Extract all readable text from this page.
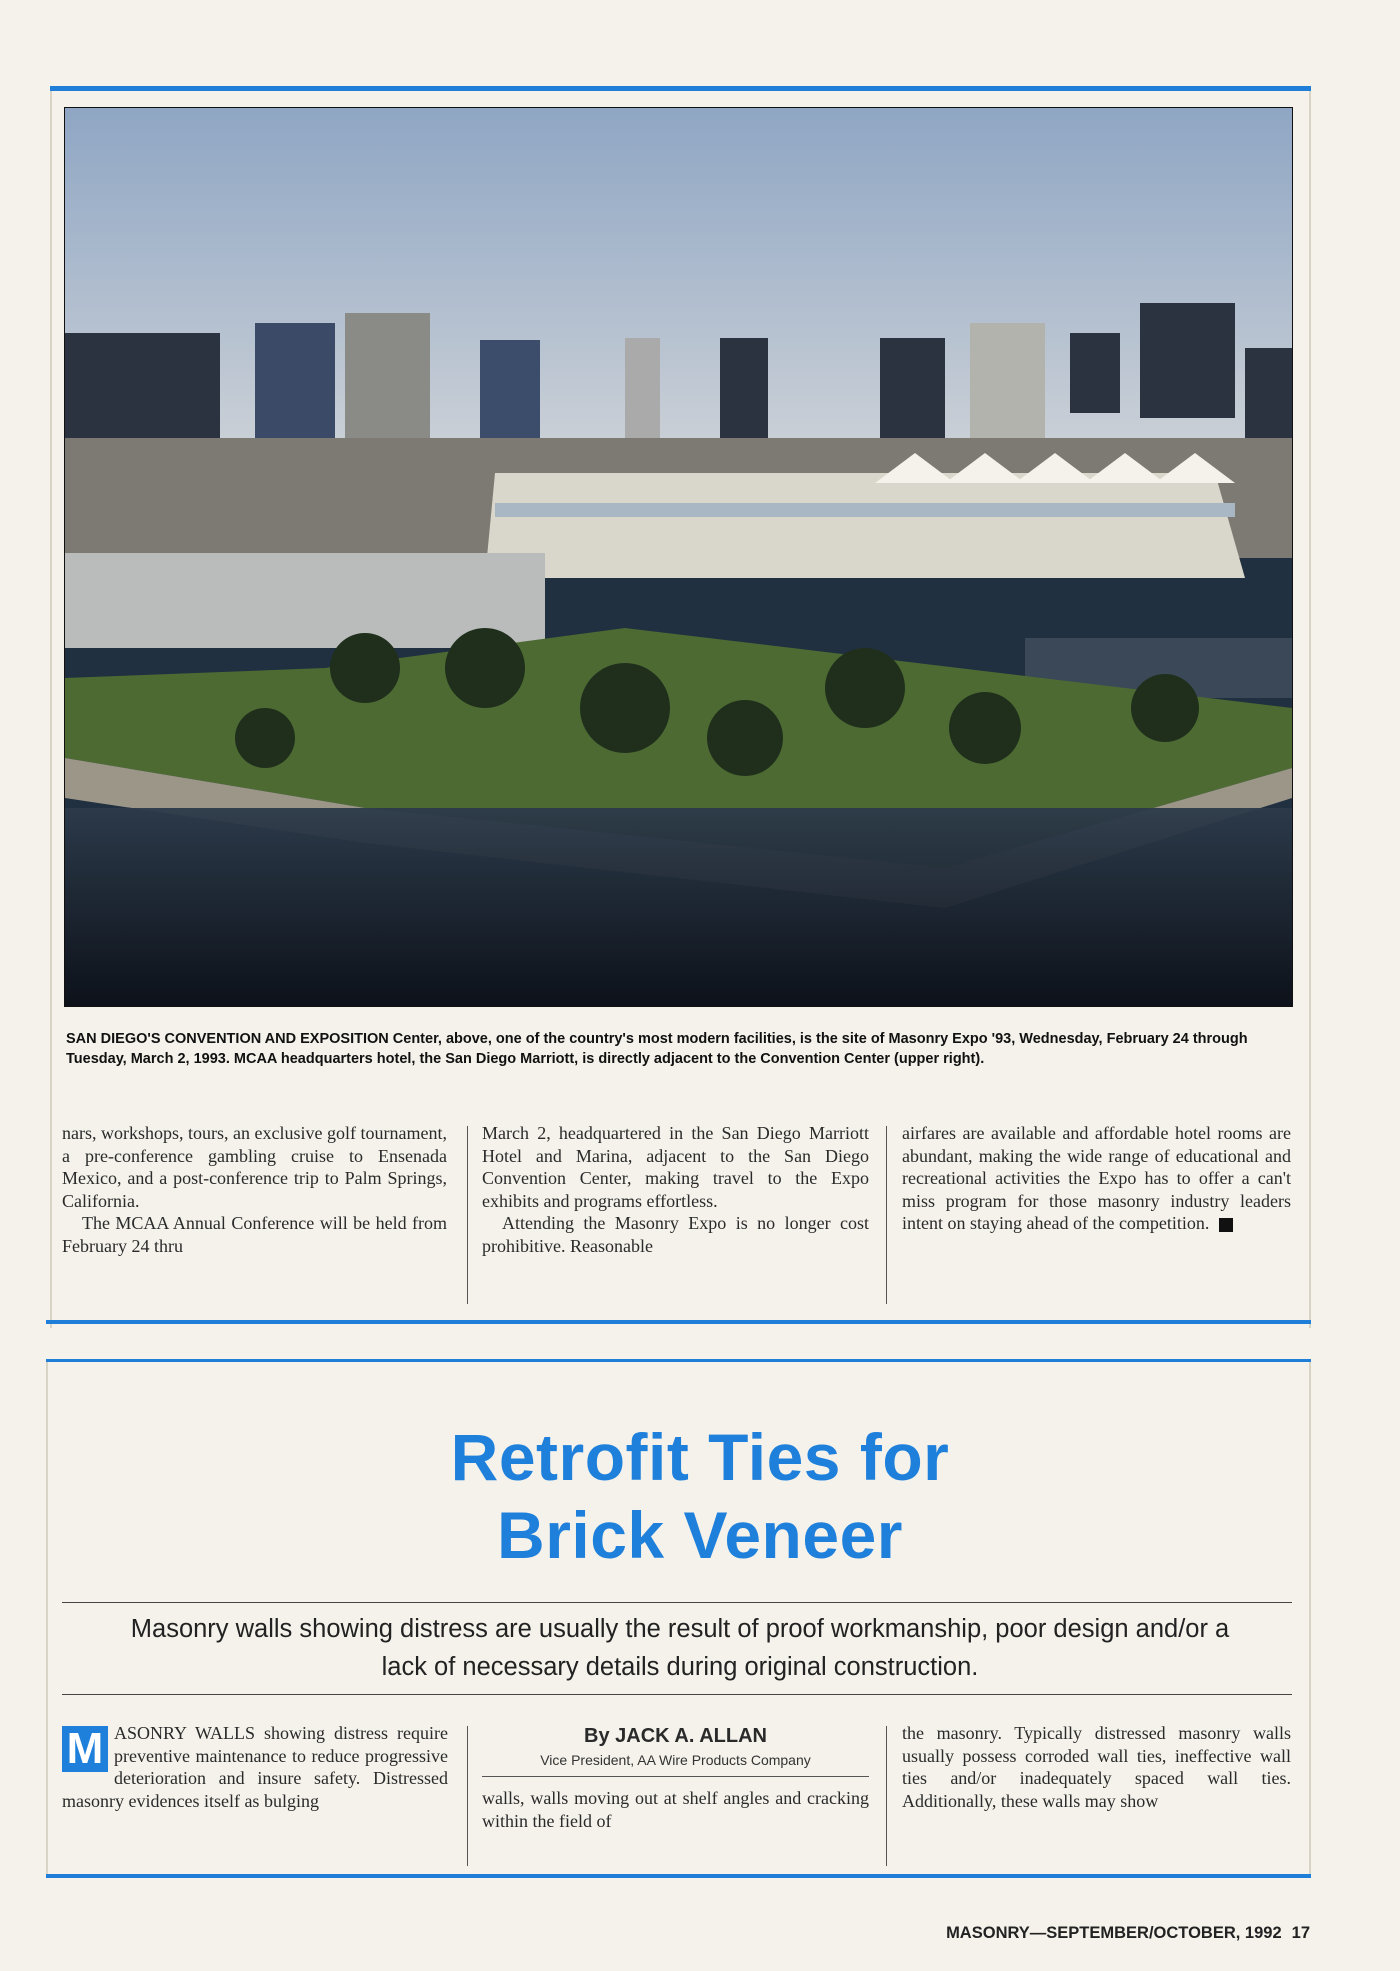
SAN DIEGO'S CONVENTION AND EXPOSITION Center, above, one of the country's most modern facilities, is the site of Masonry Expo '93, Wednesday, February 24 through Tuesday, March 2, 1993. MCAA headquarters hotel, the San Diego Marriott, is directly adjacent to the Convention Center (upper right).

nars, workshops, tours, an exclusive golf tournament, a pre-conference gambling cruise to Ensenada Mexico, and a post-conference trip to Palm Springs, California.

The MCAA Annual Conference will be held from February 24 thru

March 2, headquartered in the San Diego Marriott Hotel and Marina, adjacent to the San Diego Convention Center, making travel to the Expo exhibits and programs effortless.

Attending the Masonry Expo is no longer cost prohibitive. Reasonable

airfares are available and affordable hotel rooms are abundant, making the wide range of educational and recreational activities the Expo has to offer a can't miss program for those masonry industry leaders intent on staying ahead of the competition.

Retrofit Ties for
Brick Veneer
Masonry walls showing distress are usually the result of proof workmanship, poor design and/or a lack of necessary details during original construction.

M ASONRY WALLS showing distress require preventive maintenance to reduce progressive deterioration and insure safety. Distressed masonry evidences itself as bulging

By JACK A. ALLAN
Vice President, AA Wire Products Company

walls, walls moving out at shelf angles and cracking within the field of

the masonry. Typically distressed masonry walls usually possess corroded wall ties, ineffective wall ties and/or inadequately spaced wall ties. Additionally, these walls may show

MASONRY—SEPTEMBER/OCTOBER, 1992 17
